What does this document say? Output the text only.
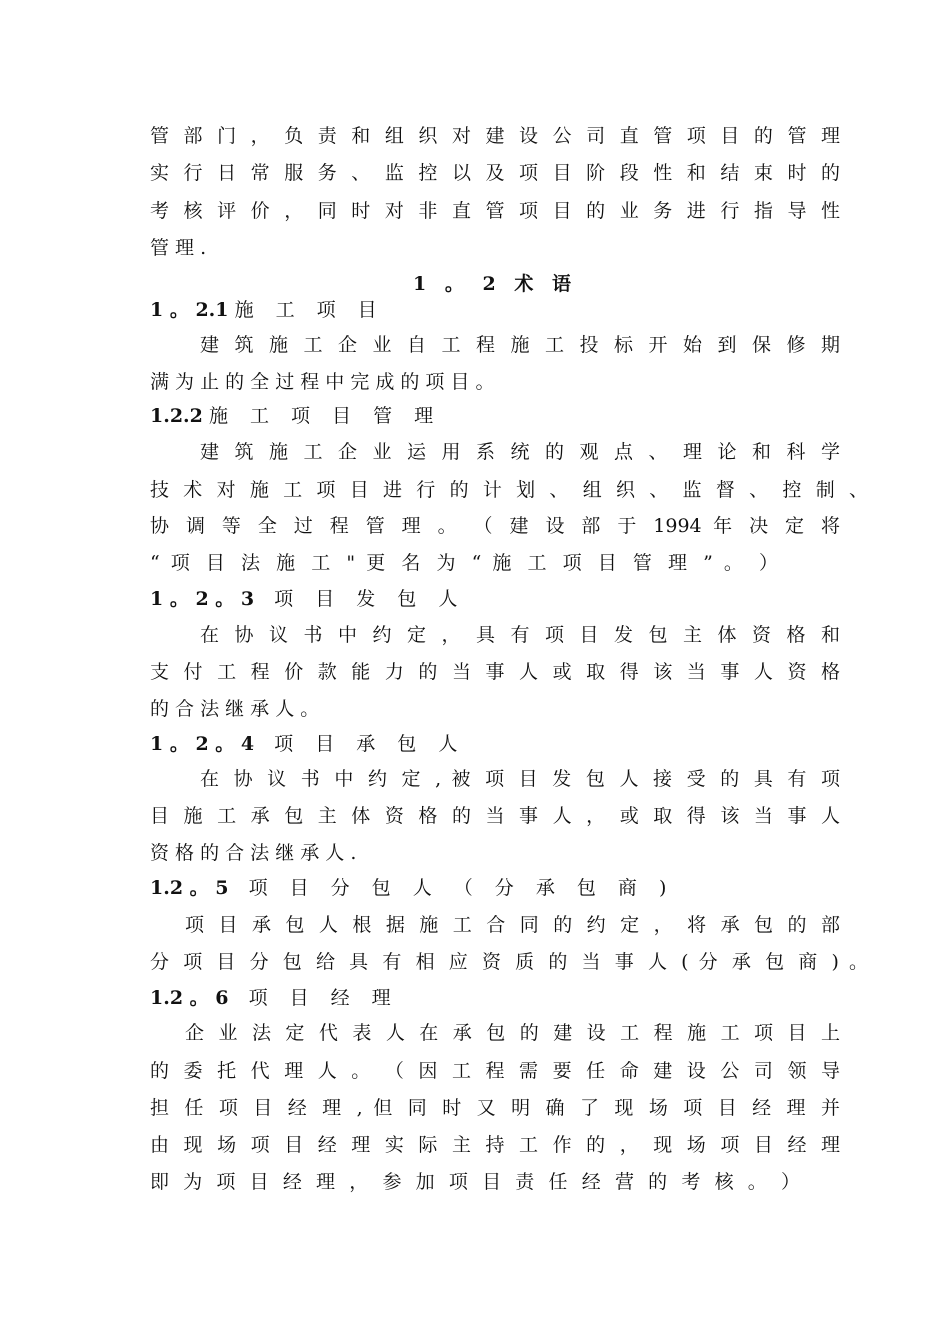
管 部 门 ， 负 责 和 组 织 对 建 设 公 司 直 管 项 目 的 管 理
实 行 日 常 服 务 、 监 控 以 及 项 目 阶 段 性 和 结 束 时 的
考 核 评 价 ， 同 时 对 非 直 管 项 目 的 业 务 进 行 指 导 性
管 理 .
1 。 2 术 语
1 。 2.1 施 工 项 目
建 筑 施 工 企 业 自 工 程 施 工 投 标 开 始 到 保 修 期
满 为 止 的 全 过 程 中 完 成 的 项 目 。
1.2.2 施 工 项 目 管 理
建 筑 施 工 企 业 运 用 系 统 的 观 点 、 理 论 和 科 学
技 术 对 施 工 项 目 进 行 的 计 划 、 组 织 、 监 督 、 控 制 、
协 调 等 全 过 程 管 理 。 （ 建 设 部 于 1994 年 决 定 将
“ 项 目 法 施 工 " 更 名 为 “ 施 工 项 目 管 理 ” 。 ）
1 。 2 。 3 项 目 发 包 人
在 协 议 书 中 约 定 ， 具 有 项 目 发 包 主 体 资 格 和
支 付 工 程 价 款 能 力 的 当 事 人 或 取 得 该 当 事 人 资 格
的 合 法 继 承 人 。
1 。 2 。 4 项 目 承 包 人
在 协 议 书 中 约 定 , 被 项 目 发 包 人 接 受 的 具 有 项
目 施 工 承 包 主 体 资 格 的 当 事 人 ， 或 取 得 该 当 事 人
资 格 的 合 法 继 承 人 .
1.2 。 5 项 目 分 包 人 （ 分 承 包 商 )
项 目 承 包 人 根 据 施 工 合 同 的 约 定 ， 将 承 包 的 部
分 项 目 分 包 给 具 有 相 应 资 质 的 当 事 人 ( 分 承 包 商 ) 。
1.2 。 6 项 目 经 理
企 业 法 定 代 表 人 在 承 包 的 建 设 工 程 施 工 项 目 上
的 委 托 代 理 人 。 （ 因 工 程 需 要 任 命 建 设 公 司 领 导
担 任 项 目 经 理 , 但 同 时 又 明 确 了 现 场 项 目 经 理 并
由 现 场 项 目 经 理 实 际 主 持 工 作 的 ， 现 场 项 目 经 理
即 为 项 目 经 理 ， 参 加 项 目 责 任 经 营 的 考 核 。 ）
